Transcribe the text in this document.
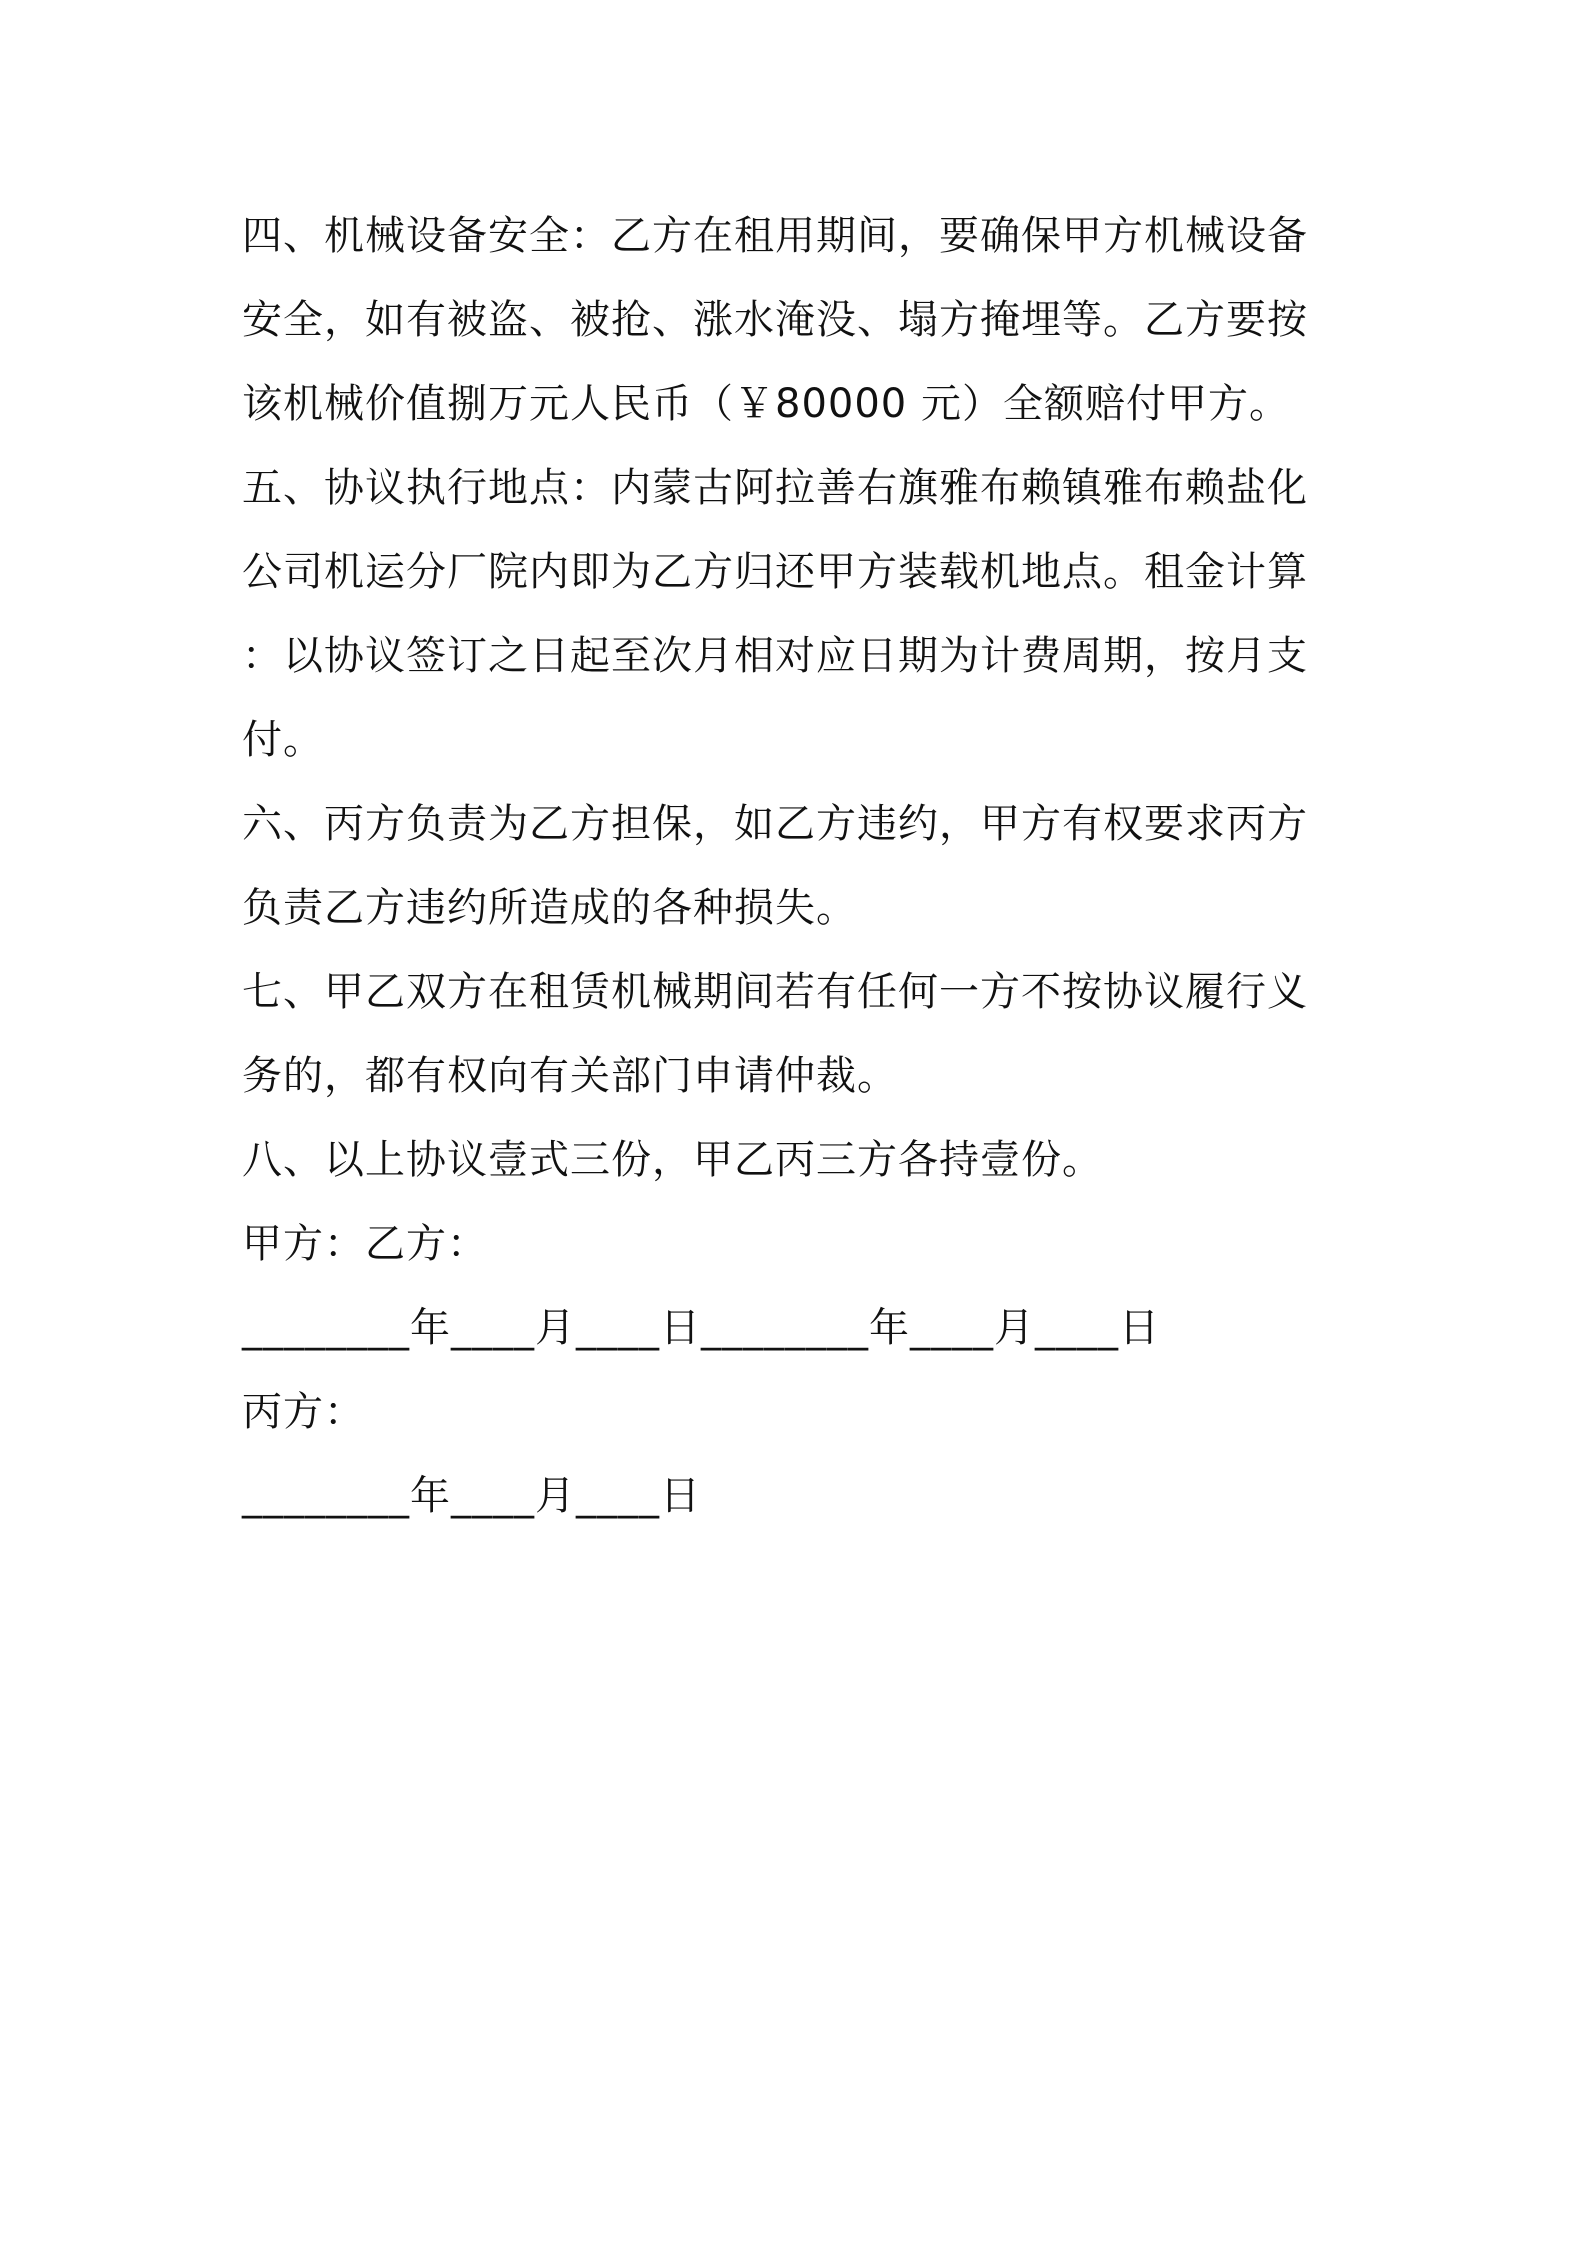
四、机械设备安全：乙方在租用期间，要确保甲方机械设备
安全，如有被盗、被抢、涨水淹没、塌方掩埋等。乙方要按
该机械价值捌万元人民币（￥80000 元）全额赔付甲方。
五、协议执行地点：内蒙古阿拉善右旗雅布赖镇雅布赖盐化
公司机运分厂院内即为乙方归还甲方装载机地点。租金计算
：以协议签订之日起至次月相对应日期为计费周期，按月支
付。
六、丙方负责为乙方担保，如乙方违约，甲方有权要求丙方
负责乙方违约所造成的各种损失。
七、甲乙双方在租赁机械期间若有任何一方不按协议履行义
务的，都有权向有关部门申请仲裁。
八、以上协议壹式三份，甲乙丙三方各持壹份。
甲方：乙方：
________年____月____日________年____月____日
丙方：
________年____月____日
